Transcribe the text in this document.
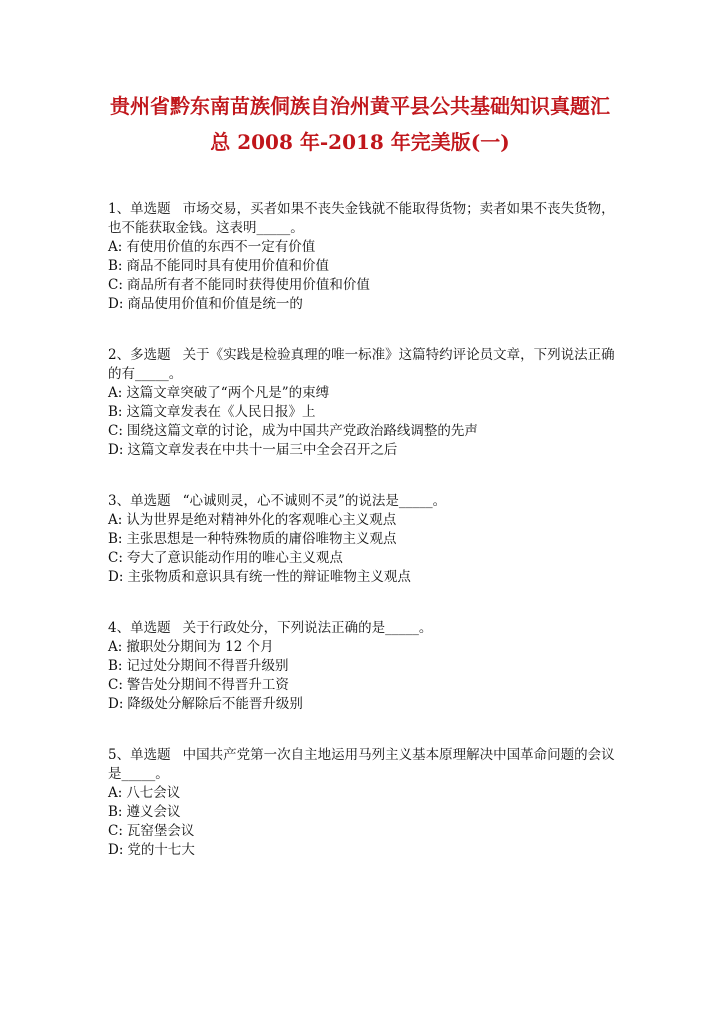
贵州省黔东南苗族侗族自治州黄平县公共基础知识真题汇
总 2008 年-2018 年完美版(一)
1、单选题 市场交易，买者如果不丧失金钱就不能取得货物；卖者如果不丧失货物，也不能获取金钱。这表明_____。
A: 有使用价值的东西不一定有价值
B: 商品不能同时具有使用价值和价值
C: 商品所有者不能同时获得使用价值和价值
D: 商品使用价值和价值是统一的
2、多选题 关于《实践是检验真理的唯一标准》这篇特约评论员文章，下列说法正确的有_____。
A: 这篇文章突破了“两个凡是”的束缚
B: 这篇文章发表在《人民日报》上
C: 围绕这篇文章的讨论，成为中国共产党政治路线调整的先声
D: 这篇文章发表在中共十一届三中全会召开之后
3、单选题 “心诚则灵，心不诚则不灵”的说法是_____。
A: 认为世界是绝对精神外化的客观唯心主义观点
B: 主张思想是一种特殊物质的庸俗唯物主义观点
C: 夸大了意识能动作用的唯心主义观点
D: 主张物质和意识具有统一性的辩证唯物主义观点
4、单选题 关于行政处分，下列说法正确的是_____。
A: 撤职处分期间为 12 个月
B: 记过处分期间不得晋升级别
C: 警告处分期间不得晋升工资
D: 降级处分解除后不能晋升级别
5、单选题 中国共产党第一次自主地运用马列主义基本原理解决中国革命问题的会议是_____。
A: 八七会议
B: 遵义会议
C: 瓦窑堡会议
D: 党的十七大
